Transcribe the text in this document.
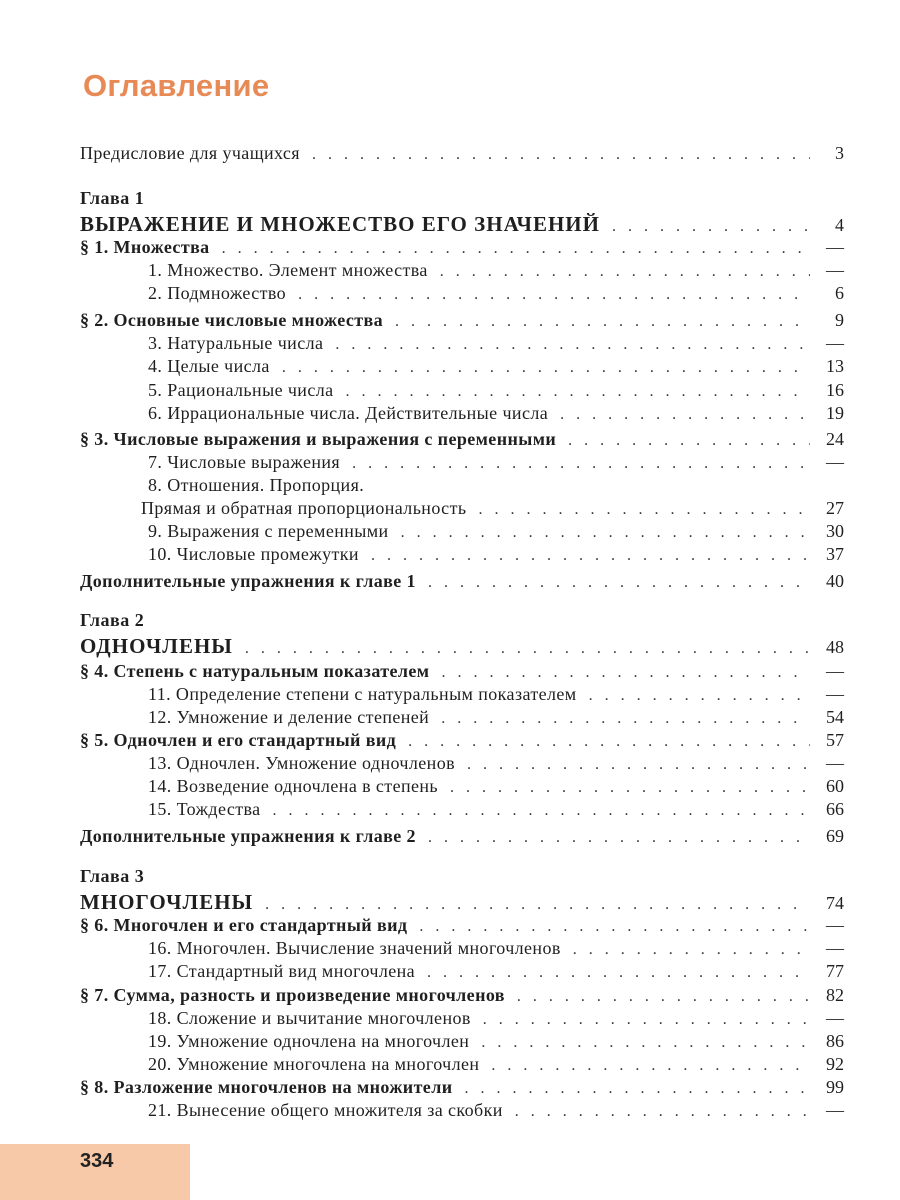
Оглавление
Предисловие для учащихся . . .	3
Глава 1
ВЫРАЖЕНИЕ И МНОЖЕСТВО ЕГО ЗНАЧЕНИЙ . . .	4
§ 1. Множества . . .	—
1. Множество. Элемент множества . . .	—
2. Подмножество . . .	6
§ 2. Основные числовые множества . . .	9
3. Натуральные числа . . .	—
4. Целые числа . . .	13
5. Рациональные числа . . .	16
6. Иррациональные числа. Действительные числа . . .	19
§ 3. Числовые выражения и выражения с переменными . . .	24
7. Числовые выражения . . .	—
8. Отношения. Пропорция.
Прямая и обратная пропорциональность . . .	27
9. Выражения с переменными . . .	30
10. Числовые промежутки . . .	37
Дополнительные упражнения к главе 1 . . .	40
Глава 2
ОДНОЧЛЕНЫ . . .	48
§ 4. Степень с натуральным показателем . . .	—
11. Определение степени с натуральным показателем . . .	—
12. Умножение и деление степеней . . .	54
§ 5. Одночлен и его стандартный вид . . .	57
13. Одночлен. Умножение одночленов . . .	—
14. Возведение одночлена в степень . . .	60
15. Тождества . . .	66
Дополнительные упражнения к главе 2 . . .	69
Глава 3
МНОГОЧЛЕНЫ . . .	74
§ 6. Многочлен и его стандартный вид . . .	—
16. Многочлен. Вычисление значений многочленов . . .	—
17. Стандартный вид многочлена . . .	77
§ 7. Сумма, разность и произведение многочленов . . .	82
18. Сложение и вычитание многочленов . . .	—
19. Умножение одночлена на многочлен . . .	86
20. Умножение многочлена на многочлен . . .	92
§ 8. Разложение многочленов на множители . . .	99
21. Вынесение общего множителя за скобки . . .	—
334
